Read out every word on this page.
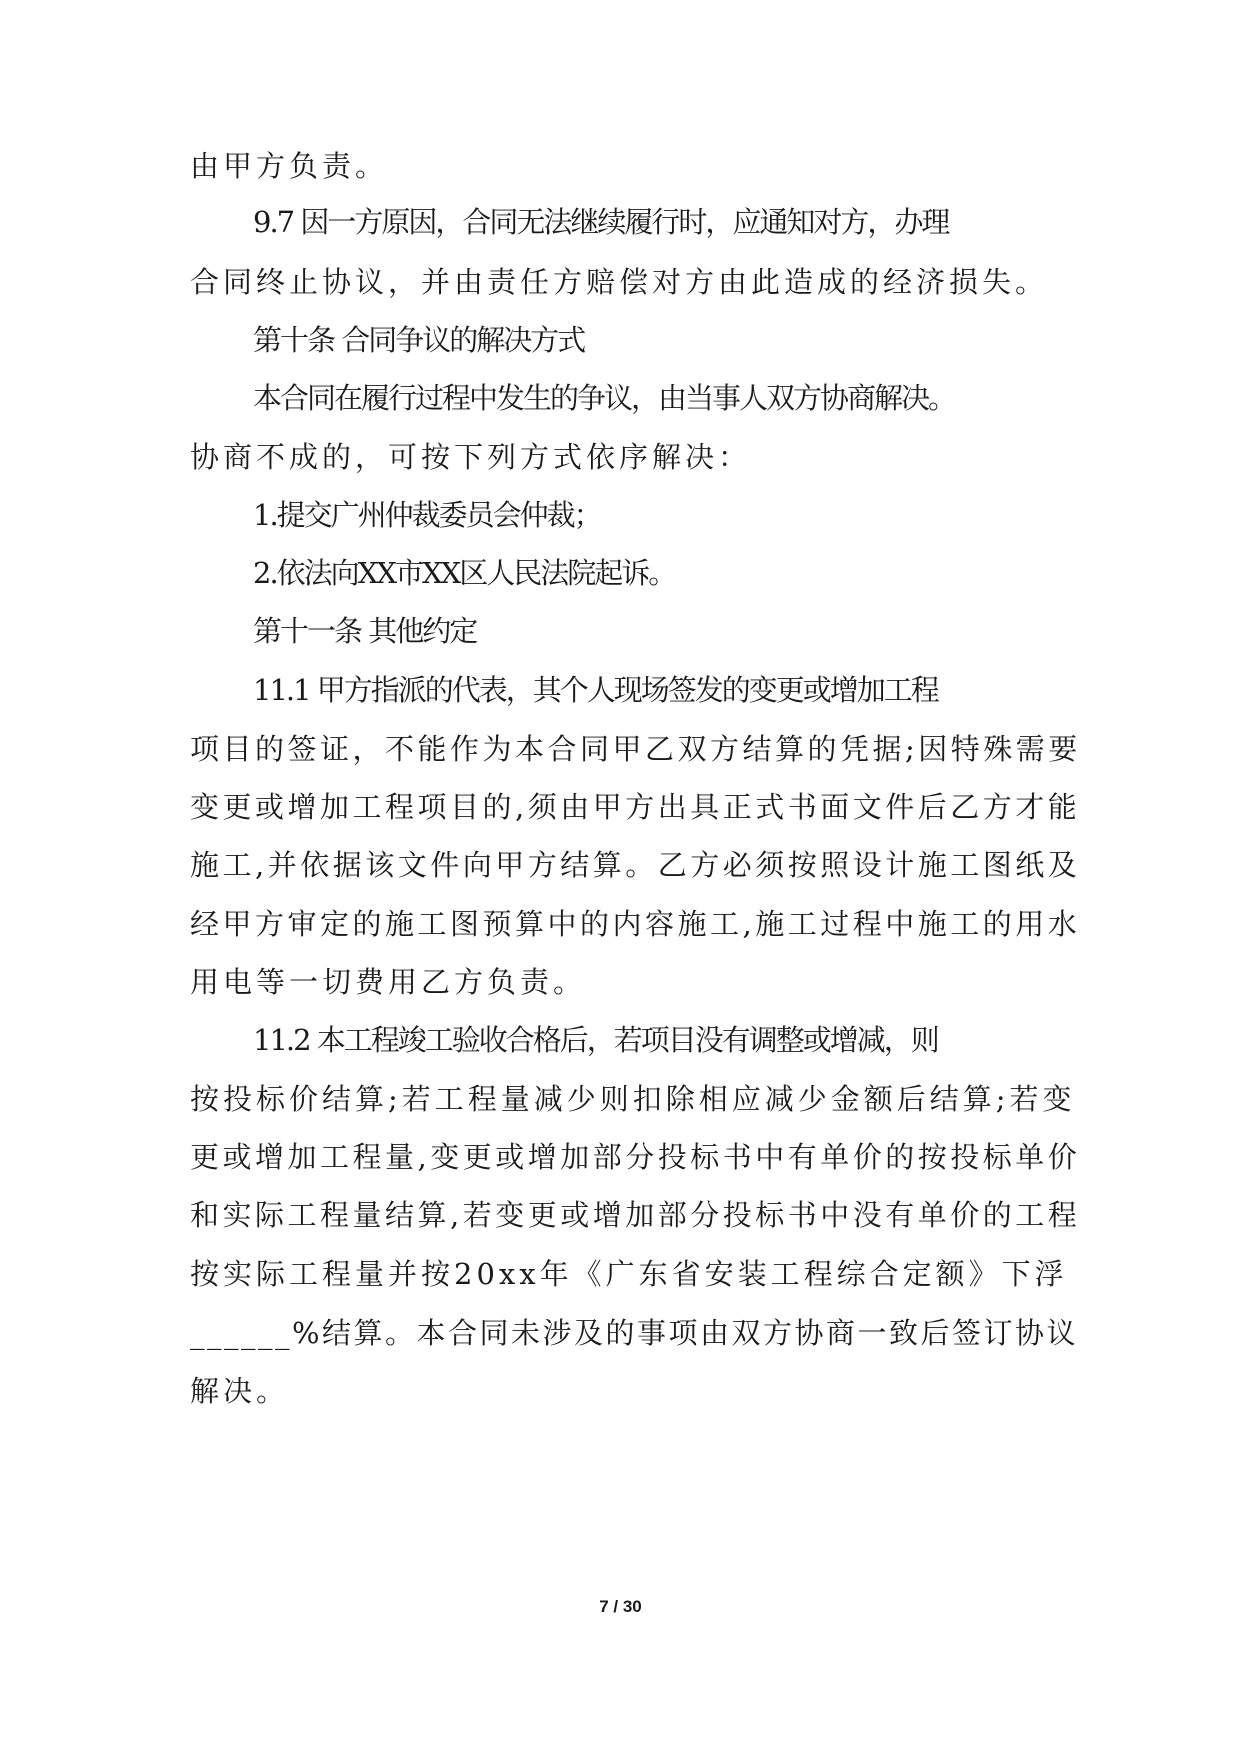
由甲方负责。
9.7 因一方原因，合同无法继续履行时，应通知对方，办理
合同终止协议，并由责任方赔偿对方由此造成的经济损失。
第十条 合同争议的解决方式
本合同在履行过程中发生的争议，由当事人双方协商解决。
协商不成的，可按下列方式依序解决：
1.提交广州仲裁委员会仲裁；
2.依法向XX市XX区人民法院起诉。
第十一条 其他约定
11.1 甲方指派的代表，其个人现场签发的变更或增加工程
项目的签证，不能作为本合同甲乙双方结算的凭据;因特殊需要
变更或增加工程项目的,须由甲方出具正式书面文件后乙方才能
施工,并依据该文件向甲方结算。乙方必须按照设计施工图纸及
经甲方审定的施工图预算中的内容施工,施工过程中施工的用水
用电等一切费用乙方负责。
11.2 本工程竣工验收合格后，若项目没有调整或增减，则
按投标价结算;若工程量减少则扣除相应减少金额后结算;若变
更或增加工程量,变更或增加部分投标书中有单价的按投标单价
和实际工程量结算,若变更或增加部分投标书中没有单价的工程
按实际工程量并按20xx年《广东省安装工程综合定额》下浮
______%结算。本合同未涉及的事项由双方协商一致后签订协议
解决。
7 / 30
